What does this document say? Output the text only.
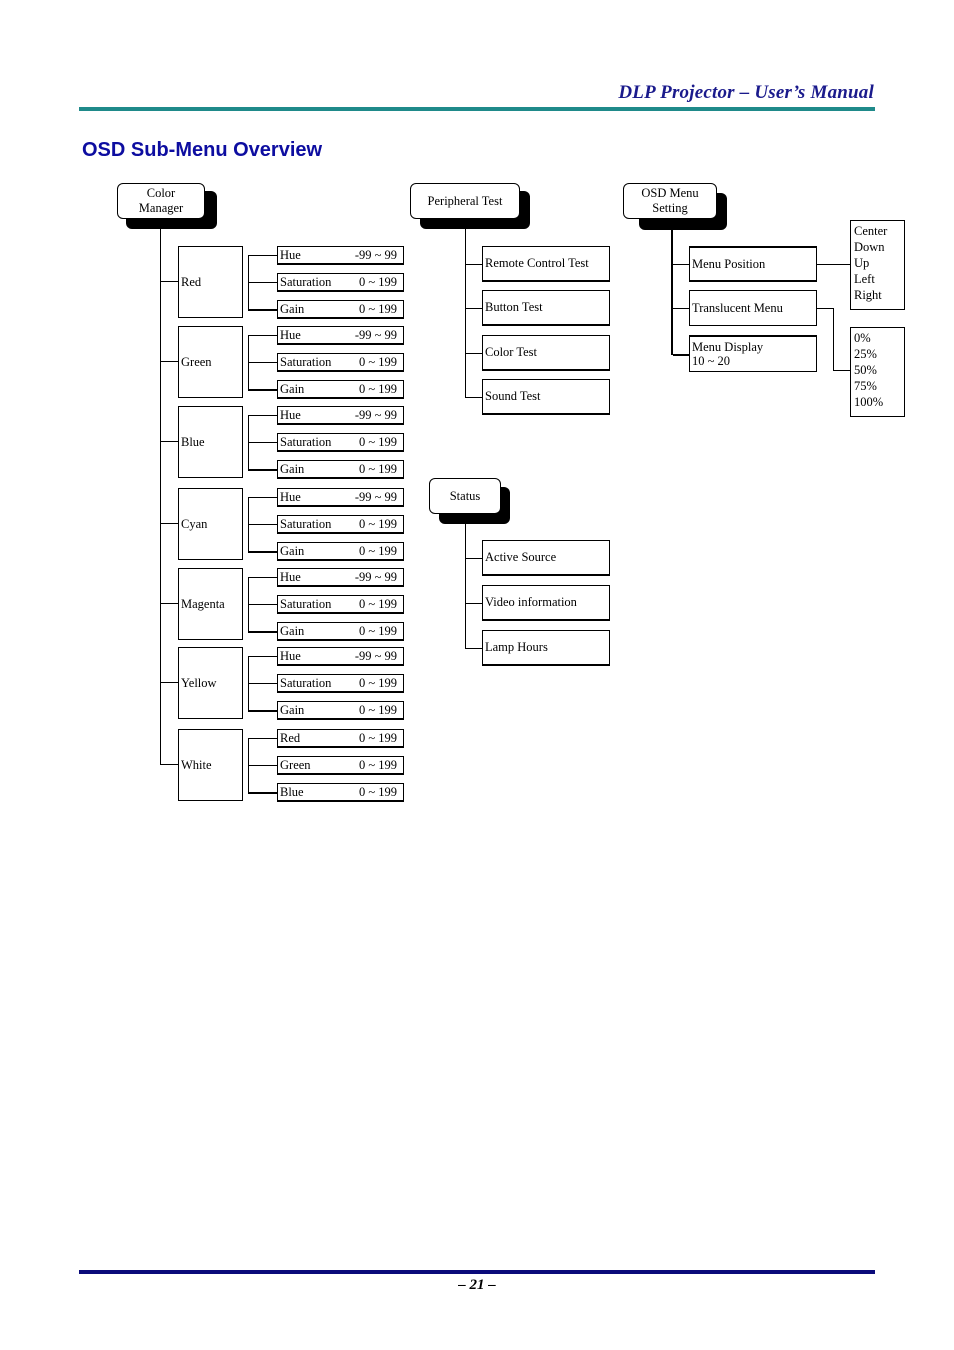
DLP Projector – User’s Manual
OSD Sub-Menu Overview
Color
Manager
Red
Hue	-99 ~ 99
Saturation	0 ~ 199
Gain	0 ~ 199
Green
Hue	-99 ~ 99
Saturation	0 ~ 199
Gain	0 ~ 199
Blue
Hue	-99 ~ 99
Saturation	0 ~ 199
Gain	0 ~ 199
Cyan
Hue	-99 ~ 99
Saturation	0 ~ 199
Gain	0 ~ 199
Magenta
Hue	-99 ~ 99
Saturation	0 ~ 199
Gain	0 ~ 199
Yellow
Hue	-99 ~ 99
Saturation	0 ~ 199
Gain	0 ~ 199
White
Red	0 ~ 199
Green	0 ~ 199
Blue	0 ~ 199
Peripheral Test
Remote Control Test
Button Test
Color Test
Sound Test
Status
Active Source
Video information
Lamp Hours
OSD Menu
Setting
Menu Position
Translucent Menu
Menu Display
10 ~ 20
Center
Down
Up
Left
Right
0%
25%
50%
75%
100%
– 21 –
